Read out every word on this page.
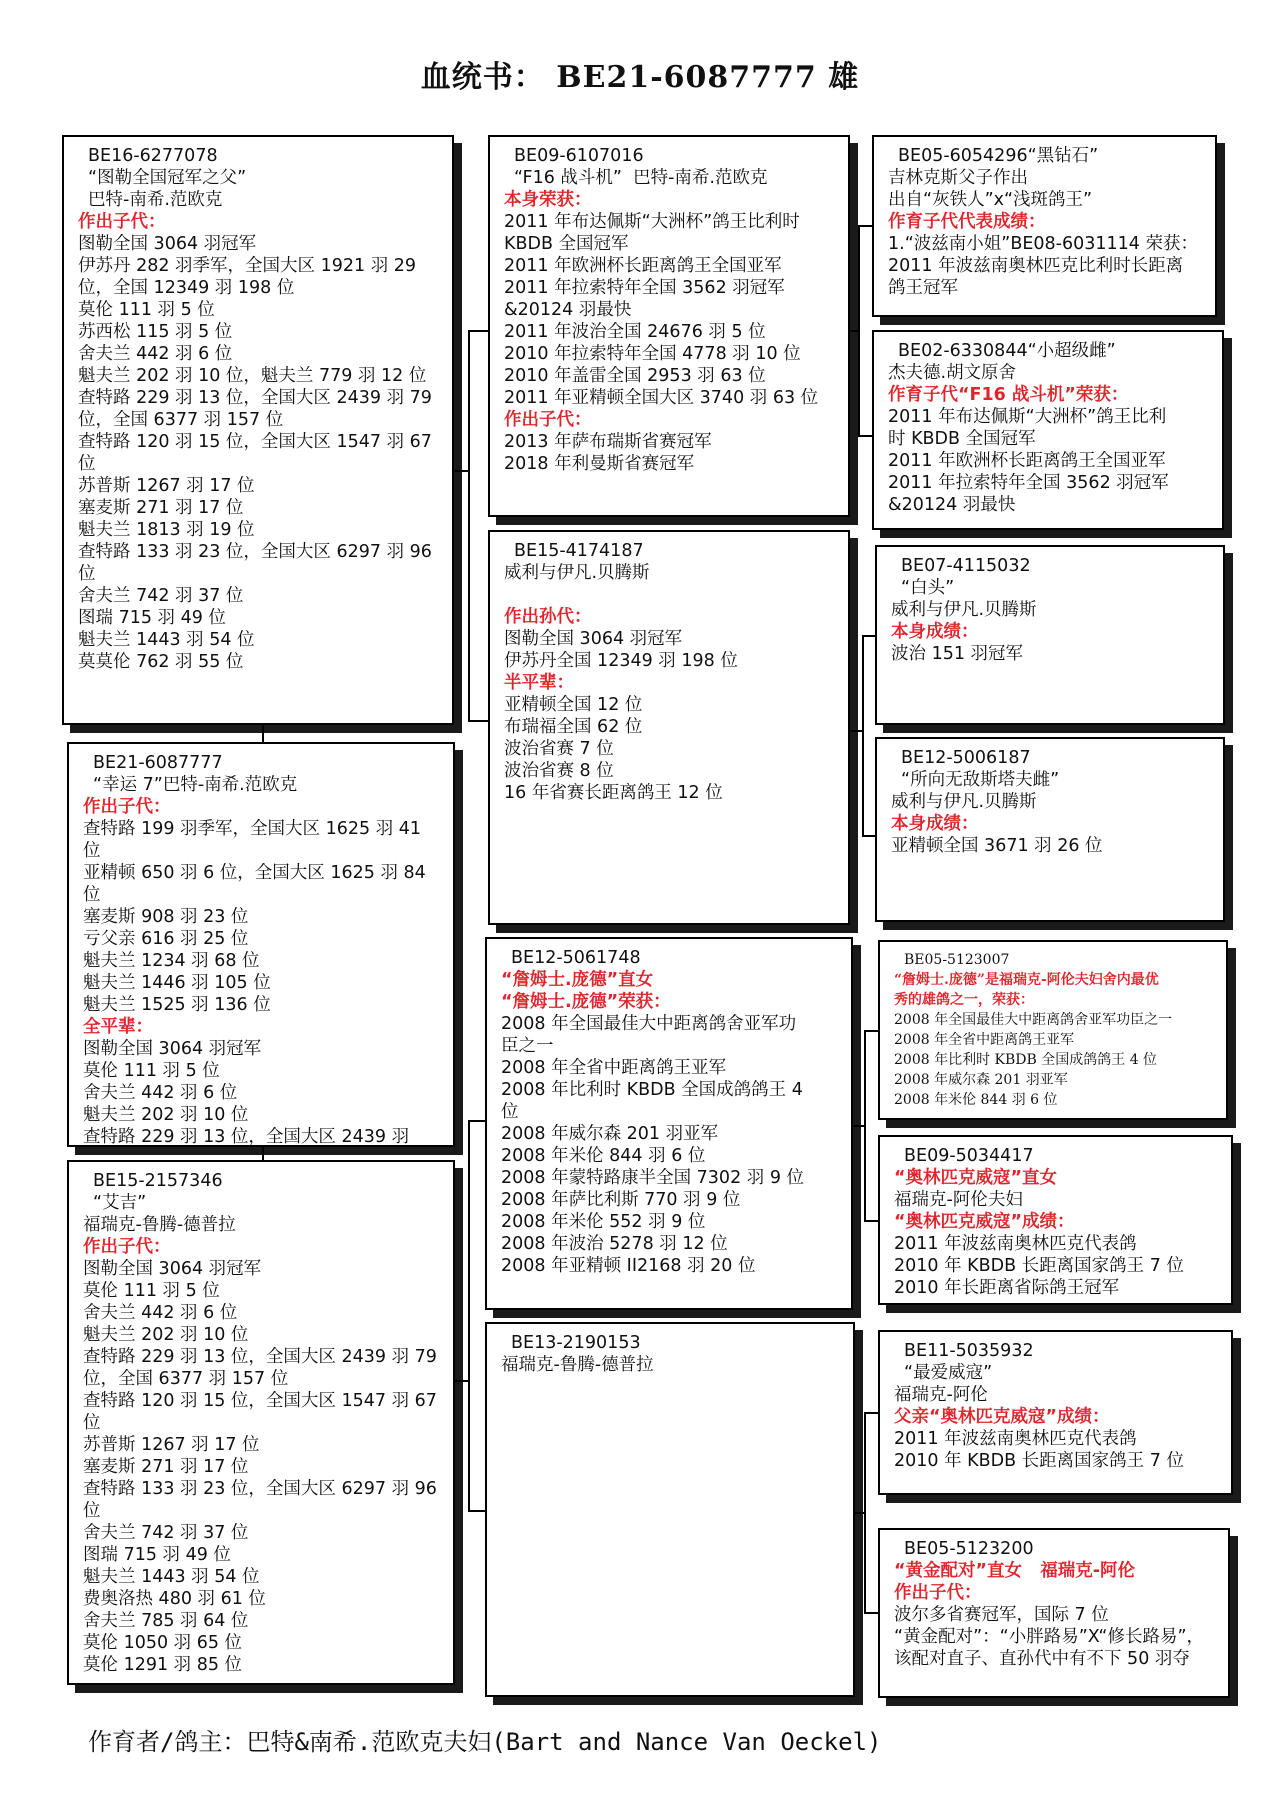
血统书： BE21-6087777 雄
BE16-6277078
“图勒全国冠军之父”
巴特-南希.范欧克
作出子代：
图勒全国 3064 羽冠军
伊苏丹 282 羽季军，全国大区 1921 羽 29
位，全国 12349 羽 198 位
莫伦 111 羽 5 位
苏西松 115 羽 5 位
舍夫兰 442 羽 6 位
魁夫兰 202 羽 10 位，魁夫兰 779 羽 12 位
查特路 229 羽 13 位，全国大区 2439 羽 79
位，全国 6377 羽 157 位
查特路 120 羽 15 位，全国大区 1547 羽 67
位
苏普斯 1267 羽 17 位
塞麦斯 271 羽 17 位
魁夫兰 1813 羽 19 位
查特路 133 羽 23 位，全国大区 6297 羽 96
位
舍夫兰 742 羽 37 位
图瑞 715 羽 49 位
魁夫兰 1443 羽 54 位
莫莫伦 762 羽 55 位
BE21-6087777
“幸运 7”巴特-南希.范欧克
作出子代：
查特路 199 羽季军，全国大区 1625 羽 41
位
亚精顿 650 羽 6 位，全国大区 1625 羽 84
位
塞麦斯 908 羽 23 位
亏父亲 616 羽 25 位
魁夫兰 1234 羽 68 位
魁夫兰 1446 羽 105 位
魁夫兰 1525 羽 136 位
全平辈：
图勒全国 3064 羽冠军
莫伦 111 羽 5 位
舍夫兰 442 羽 6 位
魁夫兰 202 羽 10 位
查特路 229 羽 13 位，全国大区 2439 羽
BE15-2157346
“艾吉”
福瑞克-鲁腾-德普拉
作出子代：
图勒全国 3064 羽冠军
莫伦 111 羽 5 位
舍夫兰 442 羽 6 位
魁夫兰 202 羽 10 位
查特路 229 羽 13 位，全国大区 2439 羽 79
位，全国 6377 羽 157 位
查特路 120 羽 15 位，全国大区 1547 羽 67
位
苏普斯 1267 羽 17 位
塞麦斯 271 羽 17 位
查特路 133 羽 23 位，全国大区 6297 羽 96
位
舍夫兰 742 羽 37 位
图瑞 715 羽 49 位
魁夫兰 1443 羽 54 位
费奥洛热 480 羽 61 位
舍夫兰 785 羽 64 位
莫伦 1050 羽 65 位
莫伦 1291 羽 85 位
BE09-6107016
“F16 战斗机”  巴特-南希.范欧克
本身荣获：
2011 年布达佩斯“大洲杯”鸽王比利时
KBDB 全国冠军
2011 年欧洲杯长距离鸽王全国亚军
2011 年拉索特年全国 3562 羽冠军
&20124 羽最快
2011 年波治全国 24676 羽 5 位
2010 年拉索特年全国 4778 羽 10 位
2010 年盖雷全国 2953 羽 63 位
2011 年亚精顿全国大区 3740 羽 63 位
作出子代：
2013 年萨布瑞斯省赛冠军
2018 年利曼斯省赛冠军
BE15-4174187
威利与伊凡.贝腾斯

作出孙代：
图勒全国 3064 羽冠军
伊苏丹全国 12349 羽 198 位
半平辈：
亚精顿全国 12 位
布瑞福全国 62 位
波治省赛 7 位
波治省赛 8 位
16 年省赛长距离鸽王 12 位
BE12-5061748
“詹姆士.庞德”直女
“詹姆士.庞德”荣获：
2008 年全国最佳大中距离鸽舍亚军功
臣之一
2008 年全省中距离鸽王亚军
2008 年比利时 KBDB 全国成鸽鸽王 4
位
2008 年威尔森 201 羽亚军
2008 年米伦 844 羽 6 位
2008 年蒙特路康半全国 7302 羽 9 位
2008 年萨比利斯 770 羽 9 位
2008 年米伦 552 羽 9 位
2008 年波治 5278 羽 12 位
2008 年亚精顿 II2168 羽 20 位
BE13-2190153
福瑞克-鲁腾-德普拉
BE05-6054296“黑钻石”
吉林克斯父子作出
出自“灰铁人”x“浅斑鸽王”
作育子代代表成绩：
1.“波兹南小姐”BE08-6031114 荣获：
2011 年波兹南奥林匹克比利时长距离
鸽王冠军
BE02-6330844“小超级雌”
杰夫德.胡文原舍
作育子代“F16 战斗机”荣获：
2011 年布达佩斯“大洲杯”鸽王比利
时 KBDB 全国冠军
2011 年欧洲杯长距离鸽王全国亚军
2011 年拉索特年全国 3562 羽冠军
&20124 羽最快
BE07-4115032
“白头”
威利与伊凡.贝腾斯
本身成绩：
波治 151 羽冠军
BE12-5006187
“所向无敌斯塔夫雌”
威利与伊凡.贝腾斯
本身成绩：
亚精顿全国 3671 羽 26 位
BE05-5123007
“詹姆士.庞德”是福瑞克-阿伦夫妇舍内最优
秀的雄鸽之一，荣获：
2008 年全国最佳大中距离鸽舍亚军功臣之一
2008 年全省中距离鸽王亚军
2008 年比利时 KBDB 全国成鸽鸽王 4 位
2008 年威尔森 201 羽亚军
2008 年米伦 844 羽 6 位
BE09-5034417
“奥林匹克威寇”直女
福瑞克-阿伦夫妇
“奥林匹克威寇”成绩：
2011 年波兹南奥林匹克代表鸽
2010 年 KBDB 长距离国家鸽王 7 位
2010 年长距离省际鸽王冠军
BE11-5035932
“最爱威寇”
福瑞克-阿伦
父亲“奥林匹克威寇”成绩：
2011 年波兹南奥林匹克代表鸽
2010 年 KBDB 长距离国家鸽王 7 位
BE05-5123200
“黄金配对”直女   福瑞克-阿伦
作出子代：
波尔多省赛冠军，国际 7 位
“黄金配对”：“小胖路易”X“修长路易”，
该配对直子、直孙代中有不下 50 羽夺
作育者/鸽主：巴特&南希.范欧克夫妇(Bart and Nance Van Oeckel)
